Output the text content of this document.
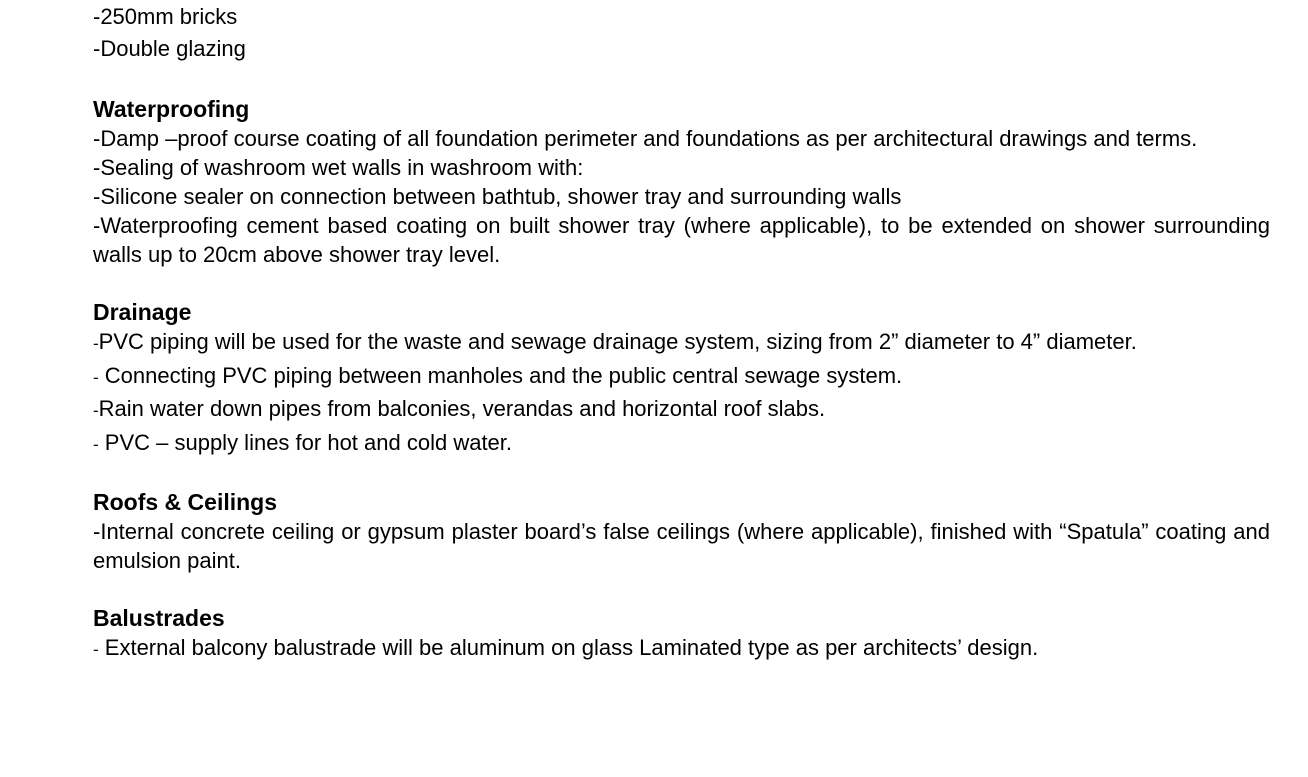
-250mm bricks

-Double glazing

Waterproofing

-Damp –proof course coating of all foundation perimeter and foundations as per architectural drawings and terms.

-Sealing of washroom wet walls in washroom with:

-Silicone sealer on connection between bathtub, shower tray and surrounding walls

-Waterproofing cement based coating on built shower tray (where applicable), to be extended on shower surrounding walls up to 20cm above shower tray level.

Drainage

-PVC piping will be used for the waste and sewage drainage system, sizing from 2” diameter to 4” diameter.

- Connecting PVC piping between manholes and the public central sewage system.

-Rain water down pipes from balconies, verandas and horizontal roof slabs.

- PVC – supply lines for hot and cold water.

Roofs & Ceilings

-Internal concrete ceiling or gypsum plaster board’s false ceilings (where applicable), finished with “Spatula” coating and emulsion paint.

Balustrades

- External balcony balustrade will be aluminum on glass Laminated type as per architects’ design.
